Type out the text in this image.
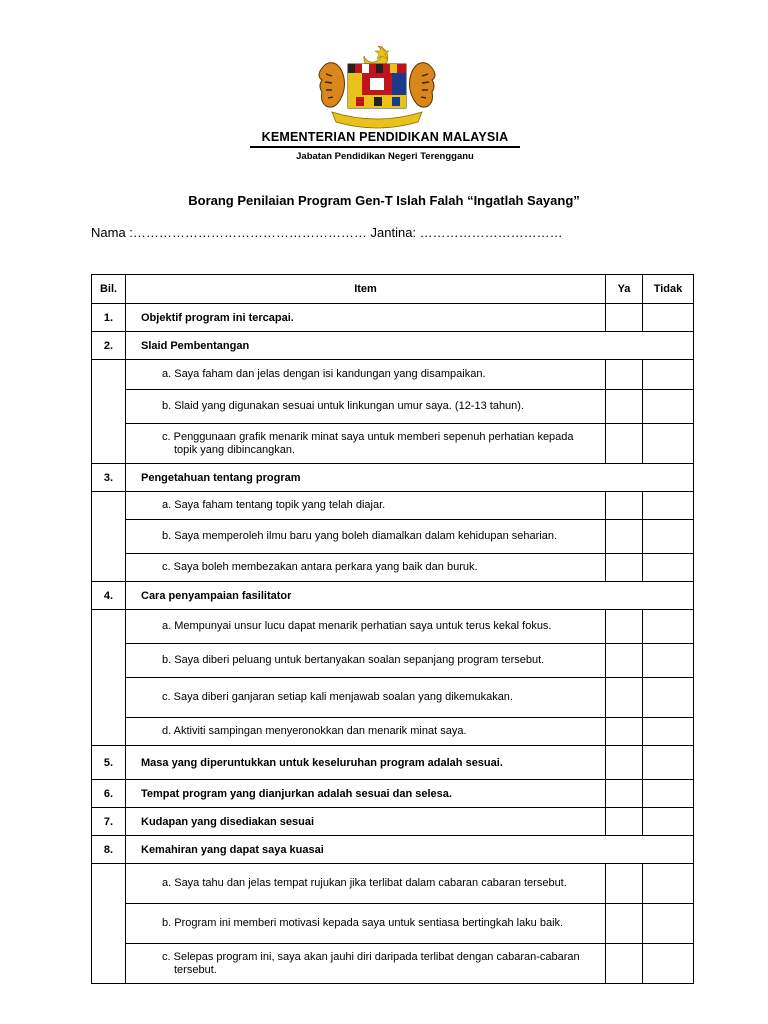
KEMENTERIAN PENDIDIKAN MALAYSIA
Jabatan Pendidikan Negeri Terengganu
Borang Penilaian Program Gen-T Islah Falah “Ingatlah Sayang”
Nama :……………………………………………… Jantina: ……………………………
Bil.	Item	Ya	Tidak
1.	Objektif program ini tercapai.		
2.	Slaid Pembentangan		

	a. Saya faham dan jelas dengan isi kandungan yang disampaikan.		

	b. Slaid yang digunakan sesuai untuk linkungan umur saya. (12-13 tahun).		

	c. Penggunaan grafik menarik minat saya untuk memberi sepenuh perhatian kepada topik yang dibincangkan.		

3.	Pengetahuan tentang program		

	a. Saya faham tentang topik yang telah diajar.		

	b. Saya memperoleh ilmu baru yang boleh diamalkan dalam kehidupan seharian.		

	c. Saya boleh membezakan antara perkara yang baik dan buruk.		

4.	Cara penyampaian fasilitator		

	a. Mempunyai unsur lucu dapat menarik perhatian saya untuk terus kekal fokus.		

	b. Saya diberi peluang untuk bertanyakan soalan sepanjang program tersebut.		

	c. Saya diberi ganjaran setiap kali menjawab soalan yang dikemukakan.		

	d. Aktiviti sampingan menyeronokkan dan menarik minat saya.		

5.	Masa yang diperuntukkan untuk keseluruhan program adalah sesuai.		
6.	Tempat program yang dianjurkan adalah sesuai dan selesa.		
7.	Kudapan yang disediakan sesuai		
8.	Kemahiran yang dapat saya kuasai		

	a. Saya tahu dan jelas tempat rujukan jika terlibat dalam cabaran cabaran tersebut.		

	b. Program ini memberi motivasi kepada saya untuk sentiasa bertingkah laku baik.		

	c. Selepas program ini, saya akan jauhi diri daripada terlibat dengan cabaran-cabaran tersebut.		
